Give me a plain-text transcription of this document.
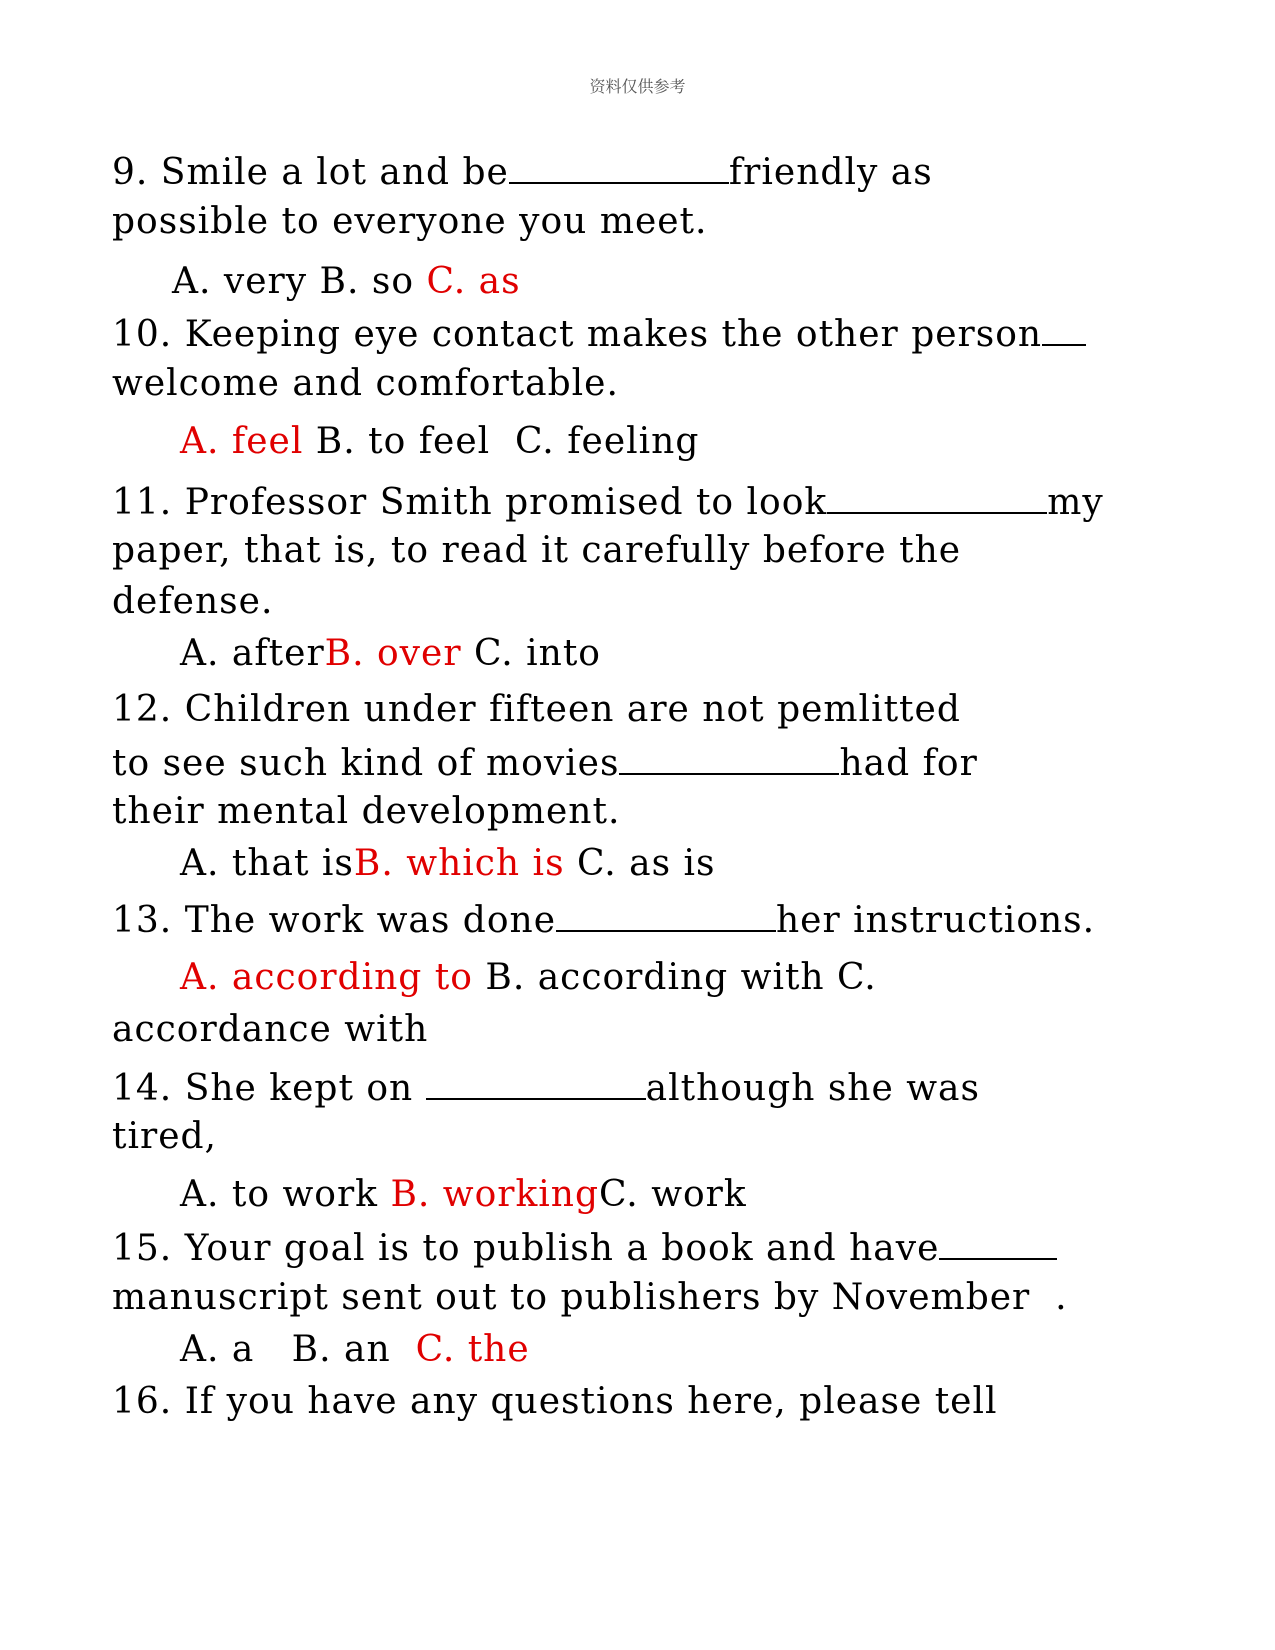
资料仅供参考
9. Smile a lot and be	friendly as
possible to everyone you meet.
A. very B. so C. as
10. Keeping eye contact makes the other person
welcome and comfortable.
A. feel B. to feel  C. feeling
11. Professor Smith promised to look	my
paper, that is, to read it carefully before the
defense.
A. afterB. over C. into
12. Children under fifteen are not pemlitted
to see such kind of movies	had for
their mental development.
A. that isB. which is C. as is
13. The work was done	her instructions.
A. according to B. according with C.
accordance with
14. She kept on	although she was
tired,
A. to work B. workingC. work
15. Your goal is to publish a book and have
manuscript sent out to publishers by November  .
A. a   B. an  C. the
16. If you have any questions here, please tell
